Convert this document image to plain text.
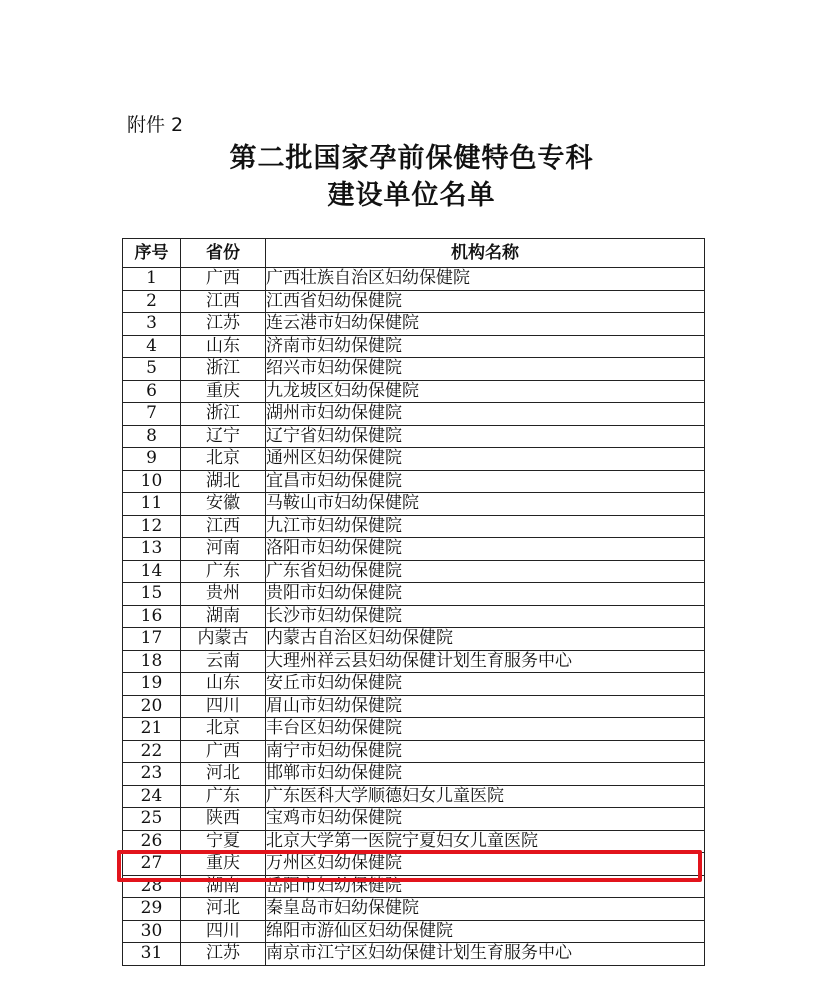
附件 2
第二批国家孕前保健特色专科
建设单位名单
序号	省份	机构名称
1	广西	广西壮族自治区妇幼保健院
2	江西	江西省妇幼保健院
3	江苏	连云港市妇幼保健院
4	山东	济南市妇幼保健院
5	浙江	绍兴市妇幼保健院
6	重庆	九龙坡区妇幼保健院
7	浙江	湖州市妇幼保健院
8	辽宁	辽宁省妇幼保健院
9	北京	通州区妇幼保健院
10	湖北	宜昌市妇幼保健院
11	安徽	马鞍山市妇幼保健院
12	江西	九江市妇幼保健院
13	河南	洛阳市妇幼保健院
14	广东	广东省妇幼保健院
15	贵州	贵阳市妇幼保健院
16	湖南	长沙市妇幼保健院
17	内蒙古	内蒙古自治区妇幼保健院
18	云南	大理州祥云县妇幼保健计划生育服务中心
19	山东	安丘市妇幼保健院
20	四川	眉山市妇幼保健院
21	北京	丰台区妇幼保健院
22	广西	南宁市妇幼保健院
23	河北	邯郸市妇幼保健院
24	广东	广东医科大学顺德妇女儿童医院
25	陕西	宝鸡市妇幼保健院
26	宁夏	北京大学第一医院宁夏妇女儿童医院
27	重庆	万州区妇幼保健院
28	湖南	岳阳市妇幼保健院
29	河北	秦皇岛市妇幼保健院
30	四川	绵阳市游仙区妇幼保健院
31	江苏	南京市江宁区妇幼保健计划生育服务中心
